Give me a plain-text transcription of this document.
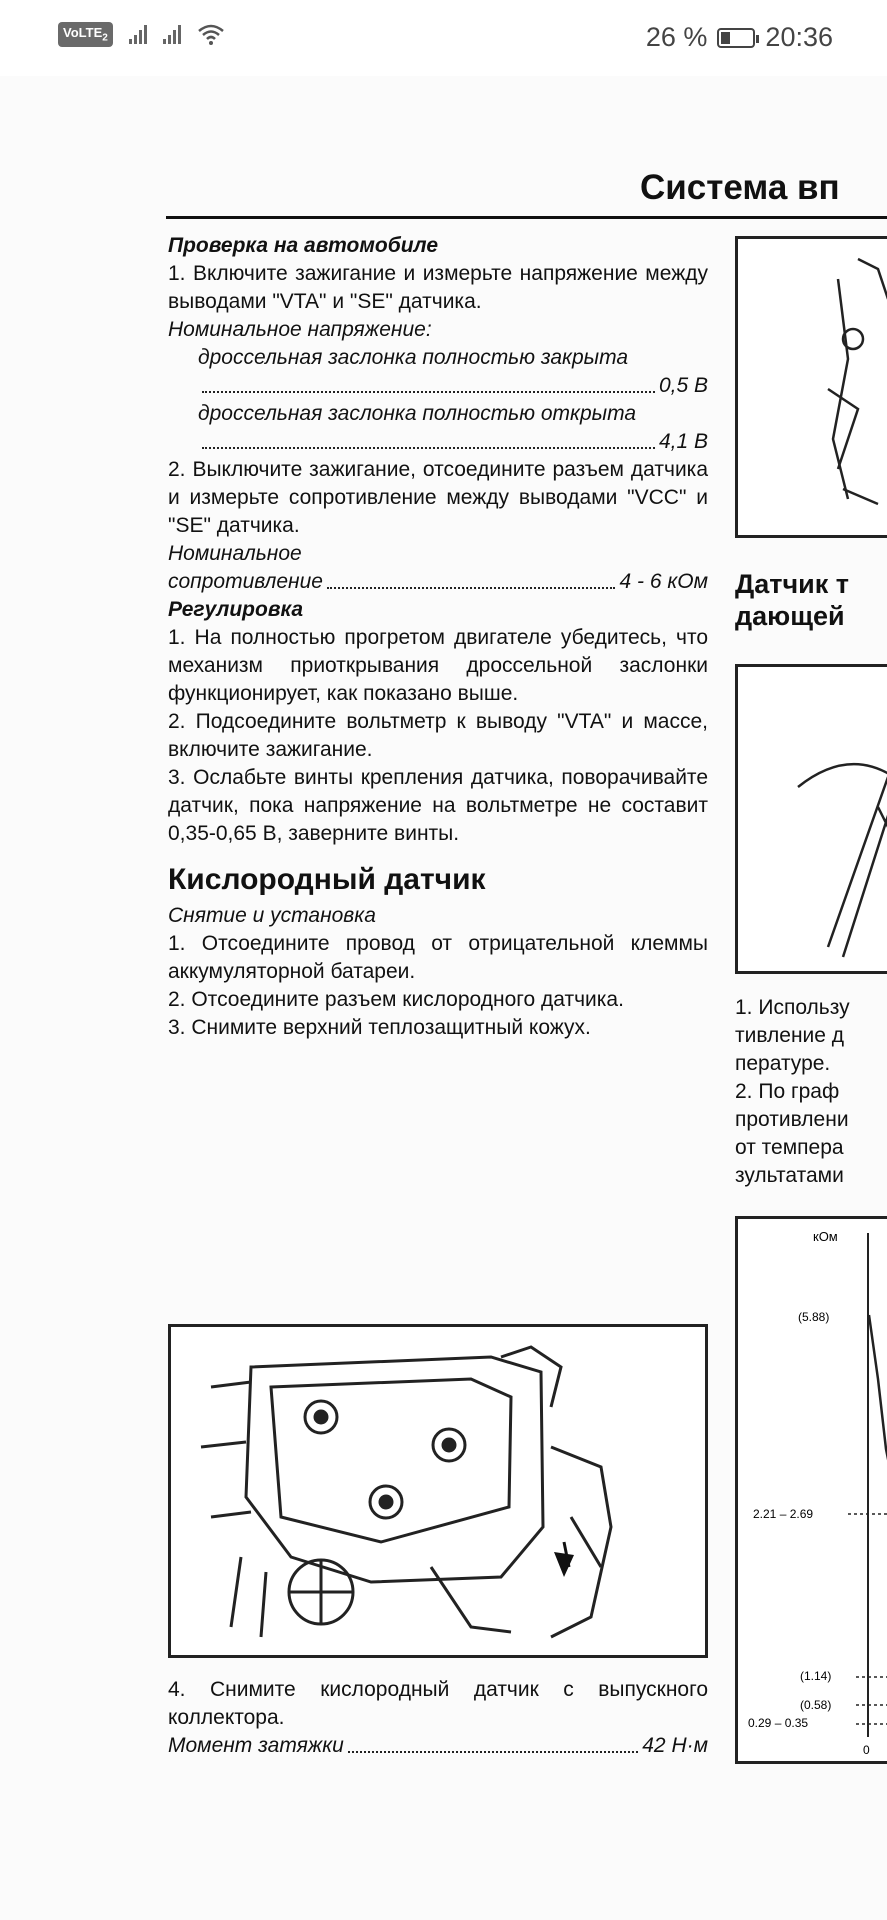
VoLTE$_2$	26 % 20:36
Система вп

Проверка на автомобиле

1. Включите зажигание и измерьте напряжение между выводами "VTA" и "SE" датчика.

Номинальное напряжение:

дроссельная заслонка полностью закрыта
0,5 В
дроссельная заслонка полностью открыта
4,1 В

2. Выключите зажигание, отсоедините разъем датчика и измерьте сопротивление между выводами "VCC" и "SE" датчика.

Номинальное

сопротивление	4 - 6 кОм

Регулировка

1. На полностью прогретом двигателе убедитесь, что механизм приоткрывания дроссельной заслонки функционирует, как показано выше.

2. Подсоедините вольтметр к выводу "VTA" и массе, включите зажигание.

3. Ослабьте винты крепления датчика, поворачивайте датчик, пока напряжение на вольтметре не составит 0,35-0,65 В, заверните винты.

Кислородный датчик

Снятие и установка

1. Отсоедините провод от отрицательной клеммы аккумуляторной батареи.

2. Отсоедините разъем кислородного датчика.

3. Снимите верхний теплозащитный кожух.

4. Снимите кислородный датчик с выпускного коллектора.

Момент затяжки	42 Н·м
Датчик т
дающей
1. Использу
тивление д
пературе.
2. По граф
противлени
от темпера
зультатами
кОм
(5.88)
2.21 – 2.69
(1.14)
(0.58)
0.29 – 0.35
0
